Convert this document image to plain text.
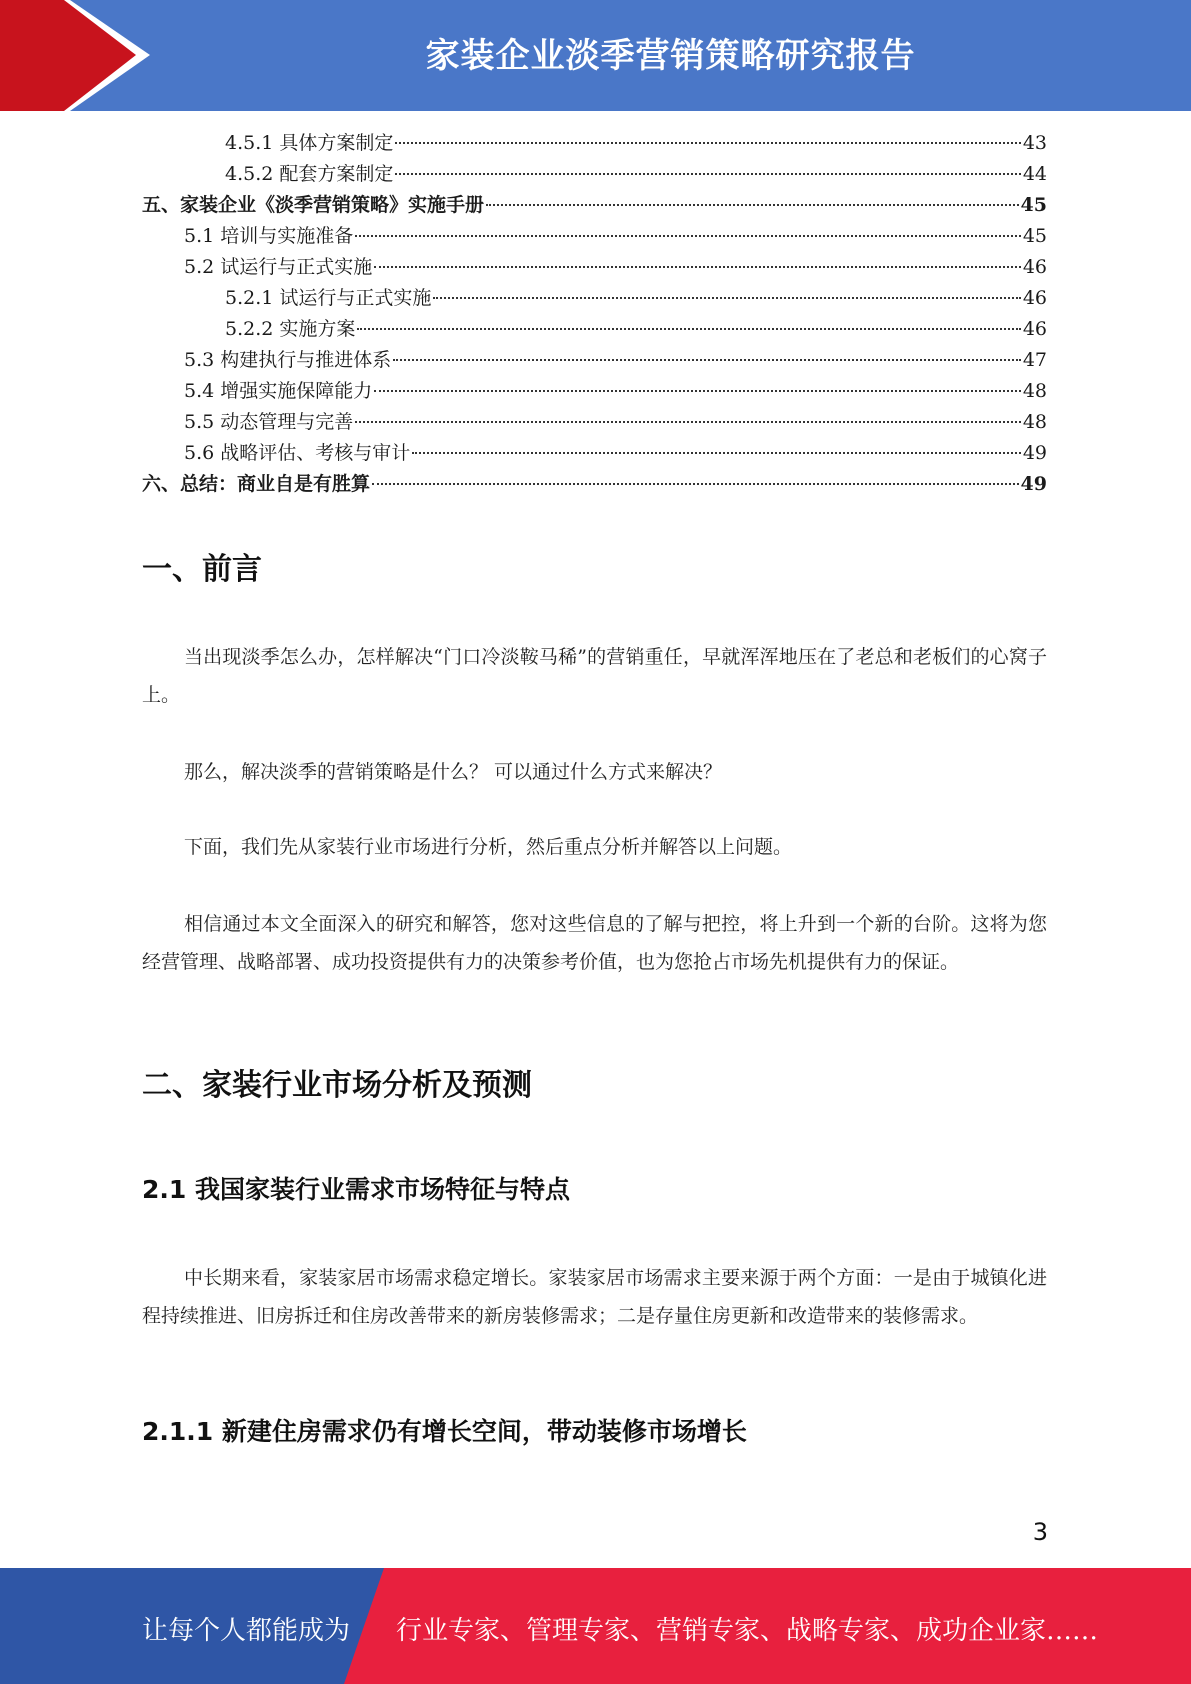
家装企业淡季营销策略研究报告
4.5.1 具体方案制定	43
4.5.2 配套方案制定	44
五、家装企业《淡季营销策略》实施手册	45
5.1 培训与实施准备	45
5.2 试运行与正式实施	46
5.2.1 试运行与正式实施	46
5.2.2 实施方案	46
5.3 构建执行与推进体系	47
5.4 增强实施保障能力	48
5.5 动态管理与完善	48
5.6 战略评估、考核与审计	49
六、总结：商业自是有胜算	49
一、前言
当出现淡季怎么办，怎样解决“门口冷淡鞍马稀”的营销重任，早就浑浑地压在了老总和老板们的心窝子上。
那么，解决淡季的营销策略是什么？ 可以通过什么方式来解决？
下面，我们先从家装行业市场进行分析，然后重点分析并解答以上问题。
相信通过本文全面深入的研究和解答，您对这些信息的了解与把控，将上升到一个新的台阶。这将为您经营管理、战略部署、成功投资提供有力的决策参考价值，也为您抢占市场先机提供有力的保证。
二、家装行业市场分析及预测
2.1 我国家装行业需求市场特征与特点
中长期来看，家装家居市场需求稳定增长。家装家居市场需求主要来源于两个方面：一是由于城镇化进程持续推进、旧房拆迁和住房改善带来的新房装修需求；二是存量住房更新和改造带来的装修需求。
2.1.1 新建住房需求仍有增长空间，带动装修市场增长
3
让每个人都能成为 行业专家、管理专家、营销专家、战略专家、成功企业家……
